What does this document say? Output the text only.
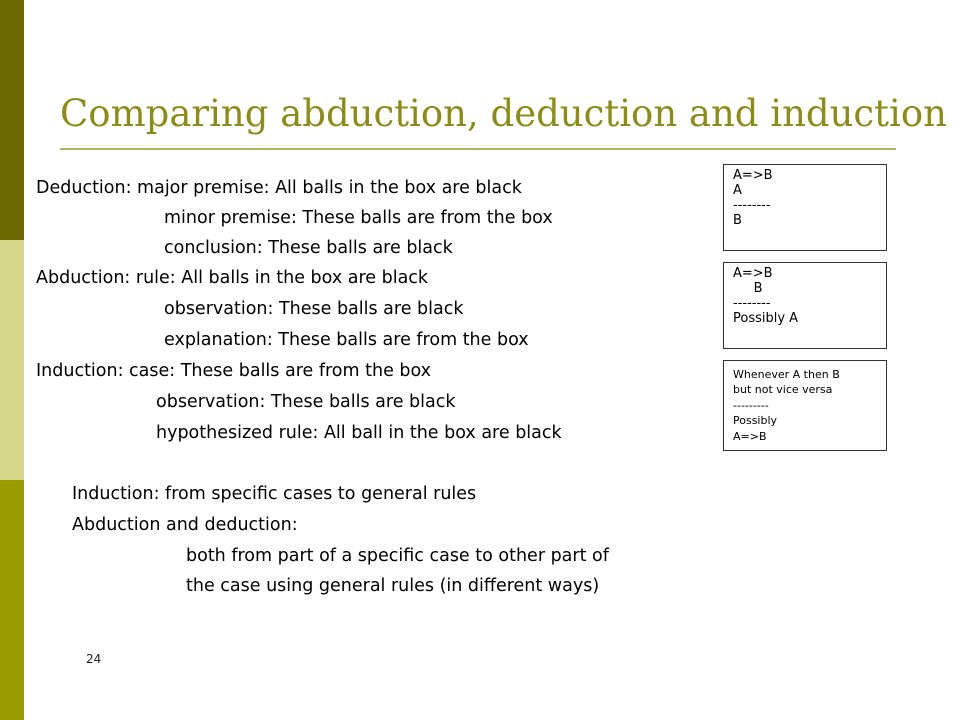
Comparing abduction, deduction and induction
Deduction: major premise: All balls in the box are black
minor premise: These balls are from the box
conclusion: These balls are black
Abduction: rule: All balls in the box are black
observation: These balls are black
explanation: These balls are from the box
Induction: case: These balls are from the box
observation: These balls are black
hypothesized rule: All ball in the box are black
Induction: from specific cases to general rules
Abduction and deduction:
both from part of a specific case to other part of
the case using general rules (in different ways)
A=>B
A
--------
B
A=>B
B
--------
Possibly A
Whenever A then B
but not vice versa
---------
Possibly
A=>B
24
